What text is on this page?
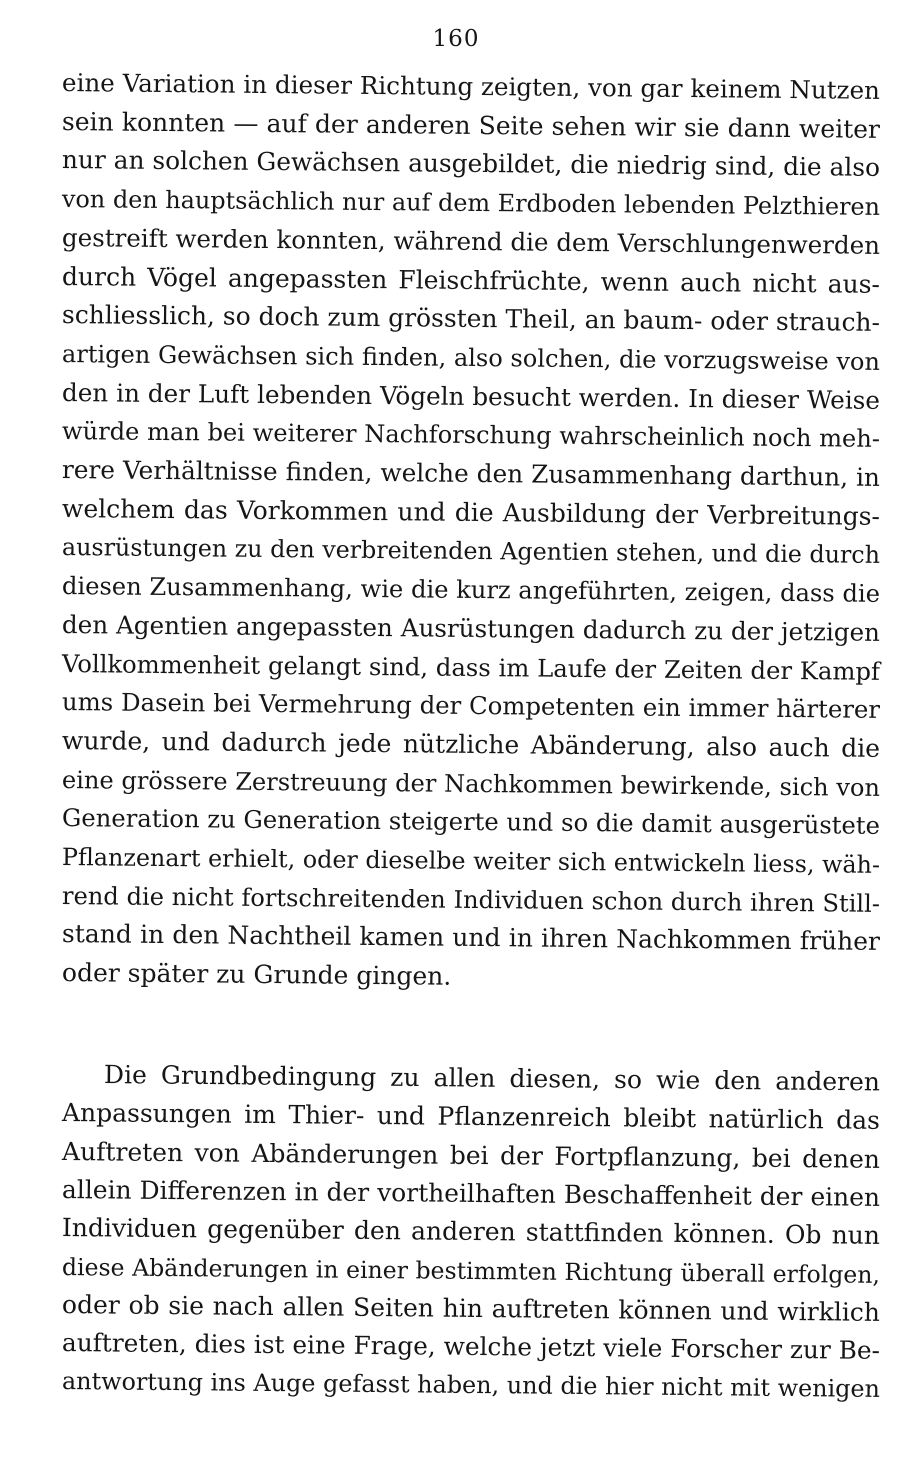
160
eine Variation in dieser Richtung zeigten, von gar keinem Nutzen
sein konnten — auf der anderen Seite sehen wir sie dann weiter
nur an solchen Gewächsen ausgebildet, die niedrig sind, die also
von den hauptsächlich nur auf dem Erdboden lebenden Pelzthieren
gestreift werden konnten, während die dem Verschlungenwerden
durch Vögel angepassten Fleischfrüchte, wenn auch nicht aus-
schliesslich, so doch zum grössten Theil, an baum- oder strauch-
artigen Gewächsen sich finden, also solchen, die vorzugsweise von
den in der Luft lebenden Vögeln besucht werden. In dieser Weise
würde man bei weiterer Nachforschung wahrscheinlich noch meh-
rere Verhältnisse finden, welche den Zusammenhang darthun, in
welchem das Vorkommen und die Ausbildung der Verbreitungs-
ausrüstungen zu den verbreitenden Agentien stehen, und die durch
diesen Zusammenhang, wie die kurz angeführten, zeigen, dass die
den Agentien angepassten Ausrüstungen dadurch zu der jetzigen
Vollkommenheit gelangt sind, dass im Laufe der Zeiten der Kampf
ums Dasein bei Vermehrung der Competenten ein immer härterer
wurde, und dadurch jede nützliche Abänderung, also auch die
eine grössere Zerstreuung der Nachkommen bewirkende, sich von
Generation zu Generation steigerte und so die damit ausgerüstete
Pflanzenart erhielt, oder dieselbe weiter sich entwickeln liess, wäh-
rend die nicht fortschreitenden Individuen schon durch ihren Still-
stand in den Nachtheil kamen und in ihren Nachkommen früher
oder später zu Grunde gingen.
Die Grundbedingung zu allen diesen, so wie den anderen
Anpassungen im Thier- und Pflanzenreich bleibt natürlich das
Auftreten von Abänderungen bei der Fortpflanzung, bei denen
allein Differenzen in der vortheilhaften Beschaffenheit der einen
Individuen gegenüber den anderen stattfinden können. Ob nun
diese Abänderungen in einer bestimmten Richtung überall erfolgen,
oder ob sie nach allen Seiten hin auftreten können und wirklich
auftreten, dies ist eine Frage, welche jetzt viele Forscher zur Be-
antwortung ins Auge gefasst haben, und die hier nicht mit wenigen
